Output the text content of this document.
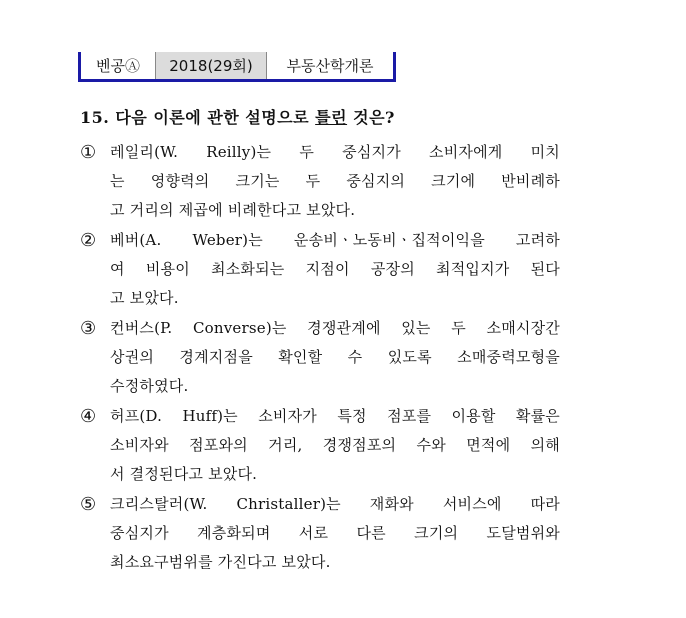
벤공Ⓐ	2018(29회)	부동산학개론
15. 다음 이론에 관한 설명으로 틀린 것은?
① 레일리(W. Reilly)는 두 중심지가 소비자에게 미치
는 영향력의 크기는 두 중심지의 크기에 반비례하
고 거리의 제곱에 비례한다고 보았다.
② 베버(A. Weber)는 운송비ㆍ노동비ㆍ집적이익을 고려하
여 비용이 최소화되는 지점이 공장의 최적입지가 된다
고 보았다.
③ 컨버스(P. Converse)는 경쟁관계에 있는 두 소매시장간
상권의 경계지점을 확인할 수 있도록 소매중력모형을
수정하였다.
④ 허프(D. Huff)는 소비자가 특정 점포를 이용할 확률은
소비자와 점포와의 거리, 경쟁점포의 수와 면적에 의해
서 결정된다고 보았다.
⑤ 크리스탈러(W. Christaller)는 재화와 서비스에 따라
중심지가 계층화되며 서로 다른 크기의 도달범위와
최소요구범위를 가진다고 보았다.
